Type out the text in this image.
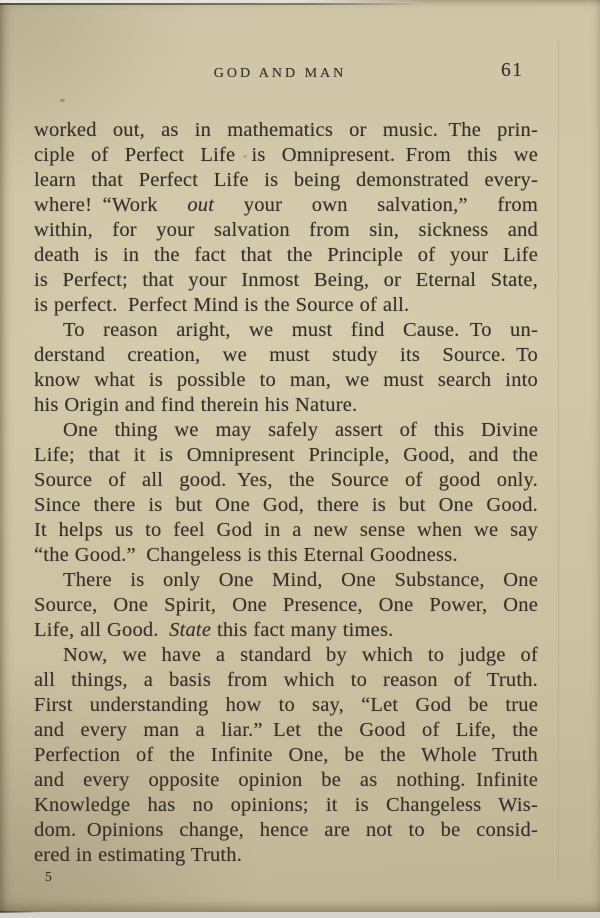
GOD AND MAN	61
worked out, as in mathematics or music. The prin-
ciple of Perfect Life is Omnipresent. From this we
learn that Perfect Life is being demonstrated every-
where! “Work out your own salvation,” from
within, for your salvation from sin, sickness and
death is in the fact that the Principle of your Life
is Perfect; that your Inmost Being, or Eternal State,
is perfect. Perfect Mind is the Source of all.
To reason aright, we must find Cause. To un-
derstand creation, we must study its Source. To
know what is possible to man, we must search into
his Origin and find therein his Nature.
One thing we may safely assert of this Divine
Life; that it is Omnipresent Principle, Good, and the
Source of all good. Yes, the Source of good only.
Since there is but One God, there is but One Good.
It helps us to feel God in a new sense when we say
“the Good.” Changeless is this Eternal Goodness.
There is only One Mind, One Substance, One
Source, One Spirit, One Presence, One Power, One
Life, all Good. State this fact many times.
Now, we have a standard by which to judge of
all things, a basis from which to reason of Truth.
First understanding how to say, “Let God be true
and every man a liar.” Let the Good of Life, the
Perfection of the Infinite One, be the Whole Truth
and every opposite opinion be as nothing. Infinite
Knowledge has no opinions; it is Changeless Wis-
dom. Opinions change, hence are not to be consid-
ered in estimating Truth.
5
